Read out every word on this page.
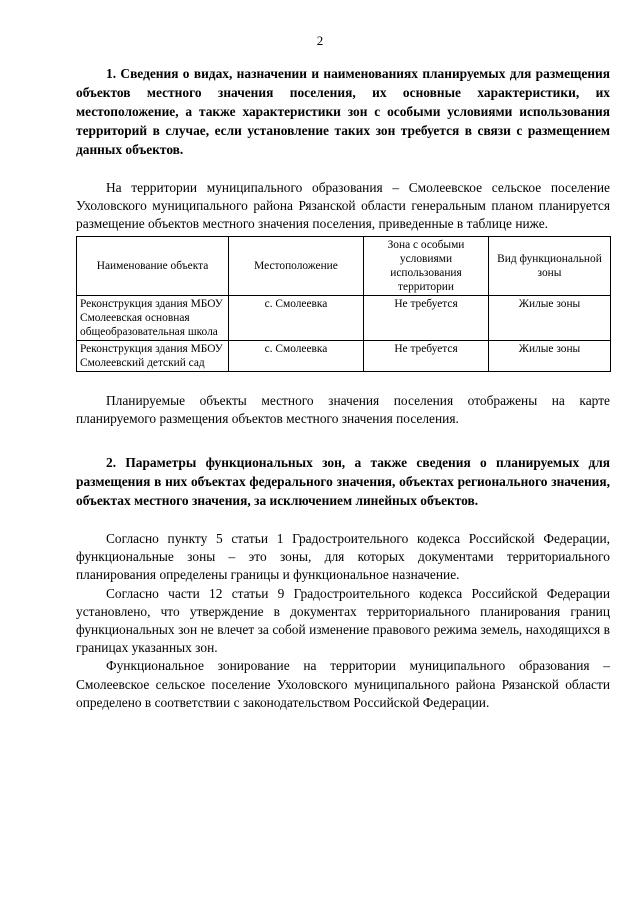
2

1. Сведения о видах, назначении и наименованиях планируемых для размещения объектов местного значения поселения, их основные характеристики, их местоположение, а также характеристики зон с особыми условиями использования территорий в случае, если установление таких зон требуется в связи с размещением данных объектов.

На территории муниципального образования – Смолеевское сельское поселение Ухоловского муниципального района Рязанской области генеральным планом планируется размещение объектов местного значения поселения, приведенные в таблице ниже.

Наименование объекта	Местоположение	Зона с особыми условиями использования территории	Вид функциональной зоны
Реконструкция здания МБОУ Смолеевская основная общеобразовательная школа	с. Смолеевка	Не требуется	Жилые зоны
Реконструкция здания МБОУ Смолеевский детский сад	с. Смолеевка	Не требуется	Жилые зоны

Планируемые объекты местного значения поселения отображены на карте планируемого размещения объектов местного значения поселения.

2. Параметры функциональных зон, а также сведения о планируемых для размещения в них объектах федерального значения, объектах регионального значения, объектах местного значения, за исключением линейных объектов.

Согласно пункту 5 статьи 1 Градостроительного кодекса Российской Федерации, функциональные зоны – это зоны, для которых документами территориального планирования определены границы и функциональное назначение.

Согласно части 12 статьи 9 Градостроительного кодекса Российской Федерации установлено, что утверждение в документах территориального планирования границ функциональных зон не влечет за собой изменение правового режима земель, находящихся в границах указанных зон.

Функциональное зонирование на территории муниципального образования – Смолеевское сельское поселение Ухоловского муниципального района Рязанской области определено в соответствии с законодательством Российской Федерации.
